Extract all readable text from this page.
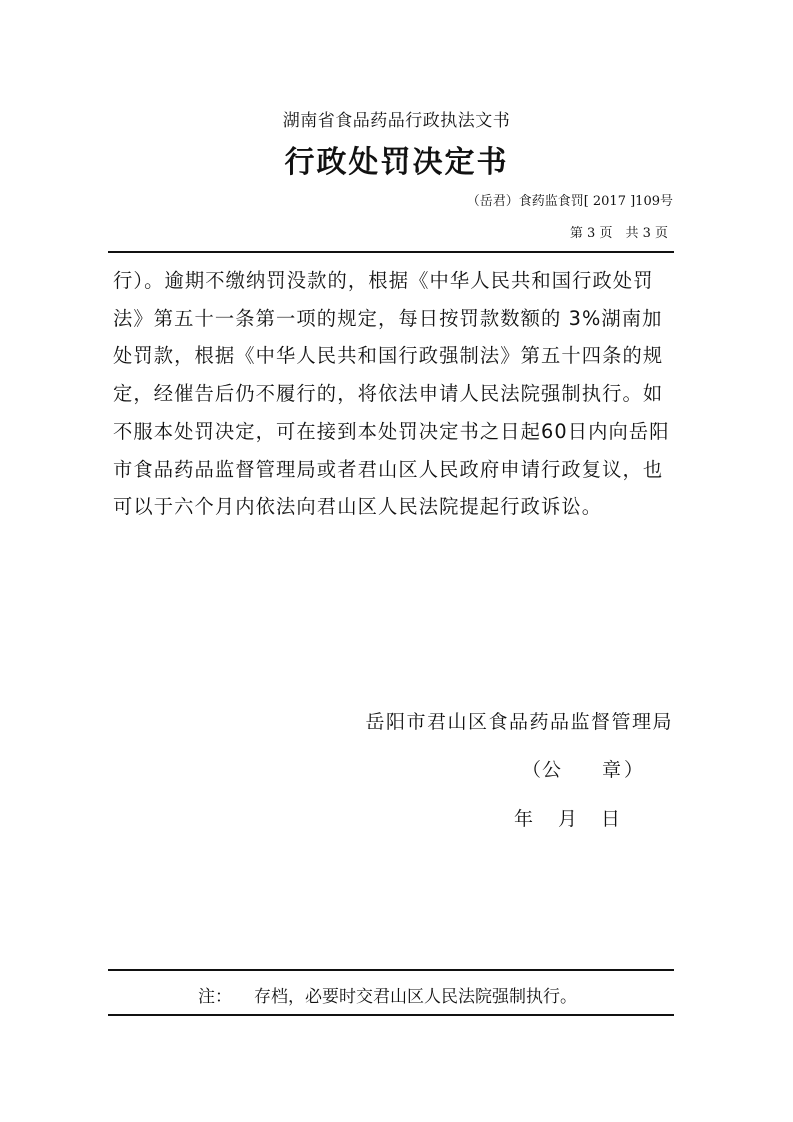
湖南省食品药品行政执法文书
行政处罚决定书
（岳君）食药监食罚[ 2017 ]109号
第 3 页　共 3 页
行）。逾期不缴纳罚没款的，根据《中华人民共和国行政处罚法》第五十一条第一项的规定，每日按罚款数额的 3%湖南加处罚款，根据《中华人民共和国行政强制法》第五十四条的规定，经催告后仍不履行的，将依法申请人民法院强制执行。如不服本处罚决定，可在接到本处罚决定书之日起60日内向岳阳市食品药品监督管理局或者君山区人民政府申请行政复议，也可以于六个月内依法向君山区人民法院提起行政诉讼。
岳阳市君山区食品药品监督管理局
（ 公 章 ）
年 月 日
注： 存档，必要时交君山区人民法院强制执行。
